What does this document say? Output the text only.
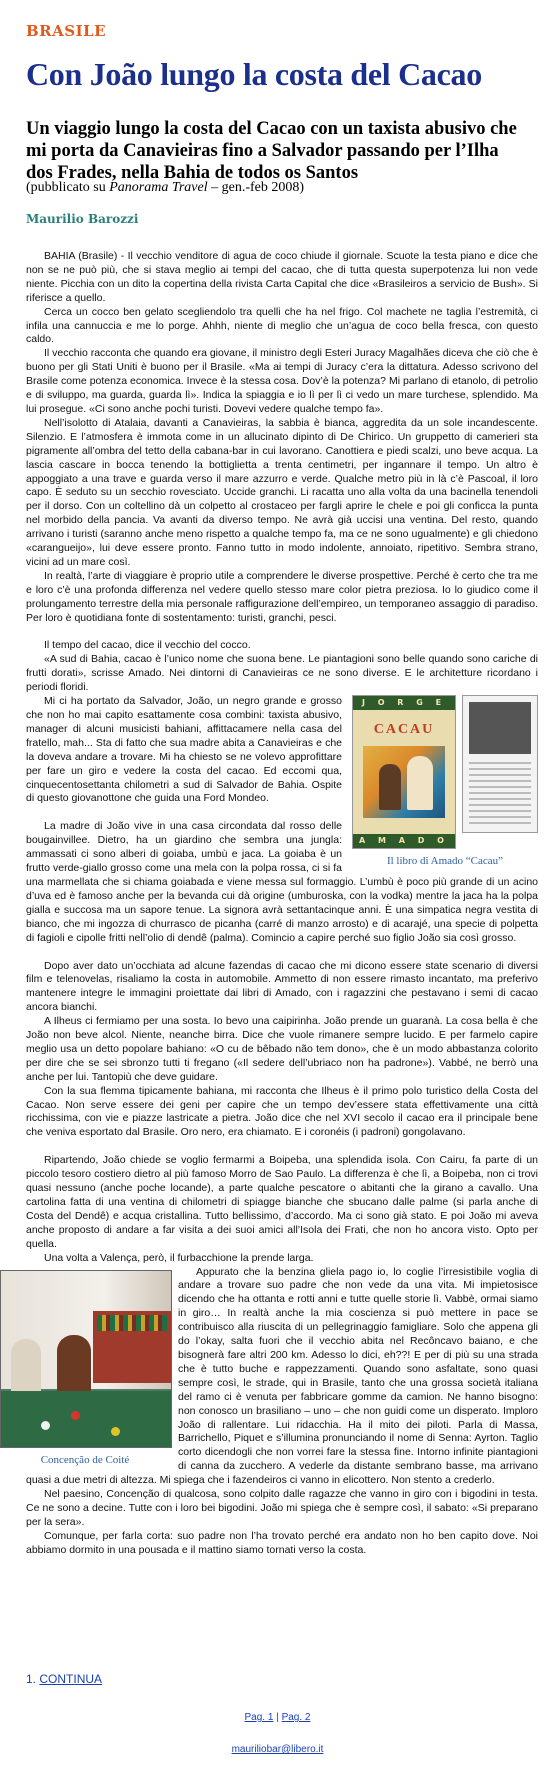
BRASILE
Con João lungo la costa del Cacao
Un viaggio lungo la costa del Cacao con un taxista abusivo che mi porta da Canavieiras fino a Salvador passando per l’Ilha dos Frades, nella Bahia de todos os Santos
(pubblicato su Panorama Travel – gen.-feb 2008)
Maurilio Barozzi

BAHIA (Brasile) - Il vecchio venditore di agua de coco chiude il giornale. Scuote la testa piano e dice che non se ne può più, che si stava meglio ai tempi del cacao, che di tutta questa superpotenza lui non vede niente. Picchia con un dito la copertina della rivista Carta Capital che dice «Brasileiros a servicio de Bush». Si riferisce a quello.

Cerca un cocco ben gelato scegliendolo tra quelli che ha nel frigo. Col machete ne taglia l’estremità, ci infila una cannuccia e me lo porge. Ahhh, niente di meglio che un’agua de coco bella fresca, con questo caldo.

Il vecchio racconta che quando era giovane, il ministro degli Esteri Juracy Magalhães diceva che ciò che è buono per gli Stati Uniti è buono per il Brasile. «Ma ai tempi di Juracy c’era la dittatura. Adesso scrivono del Brasile come potenza economica. Invece è la stessa cosa. Dov’è la potenza? Mi parlano di etanolo, di petrolio e di sviluppo, ma guarda, guarda lì». Indica la spiaggia e io lì per lì ci vedo un mare turchese, splendido. Ma lui prosegue. «Ci sono anche pochi turisti. Dovevi vedere qualche tempo fa».

Nell’isolotto di Atalaia, davanti a Canavieiras, la sabbia è bianca, aggredita da un sole incandescente. Silenzio. E l’atmosfera è immota come in un allucinato dipinto di De Chirico. Un gruppetto di camerieri sta pigramente all’ombra del tetto della cabana-bar in cui lavorano. Canottiera e piedi scalzi, uno beve acqua. La lascia cascare in bocca tenendo la bottiglietta a trenta centimetri, per ingannare il tempo. Un altro è appoggiato a una trave e guarda verso il mare azzurro e verde. Qualche metro più in là c’è Pascoal, il loro capo. È seduto su un secchio rovesciato. Uccide granchi. Li racatta uno alla volta da una bacinella tenendoli per il dorso. Con un coltellino dà un colpetto al crostaceo per fargli aprire le chele e poi gli conficca la punta nel morbido della pancia. Va avanti da diverso tempo. Ne avrà già uccisi una ventina. Del resto, quando arrivano i turisti (saranno anche meno rispetto a qualche tempo fa, ma ce ne sono ugualmente) e gli chiedono «carangueijo», lui deve essere pronto. Fanno tutto in modo indolente, annoiato, ripetitivo. Sembra strano, vicini ad un mare così.

In realtà, l’arte di viaggiare è proprio utile a comprendere le diverse prospettive. Perché è certo che tra me e loro c’è una profonda differenza nel vedere quello stesso mare color pietra preziosa. Io lo giudico come il prolungamento terrestre della mia personale raffigurazione dell’empireo, un temporaneo assaggio di paradiso. Per loro è quotidiana fonte di sostentamento: turisti, granchi, pesci.

Il tempo del cacao, dice il vecchio del cocco.

«A sud di Bahia, cacao è l’unico nome che suona bene. Le piantagioni sono belle quando sono cariche di frutti dorati», scrisse Amado. Nei dintorni di Canavieiras ce ne sono diverse. E le architetture ricordano i periodi floridi.

J O R G E
CACAU
A M A D O
Il libro di Amado “Cacau”

Mi ci ha portato da Salvador, João, un negro grande e grosso che non ho mai capito esattamente cosa combini: taxista abusivo, manager di alcuni musicisti bahiani, affittacamere nella casa del fratello, mah... Sta di fatto che sua madre abita a Canavieiras e che la doveva andare a trovare. Mi ha chiesto se ne volevo approfittare per fare un giro e vedere la costa del cacao. Ed eccomi qua, cinquecentosettanta chilometri a sud di Salvador de Bahia. Ospite di questo giovanottone che guida una Ford Mondeo.

La madre di João vive in una casa circondata dal rosso delle bougainvillee. Dietro, ha un giardino che sembra una jungla: ammassati ci sono alberi di goiaba, umbù e jaca. La goiaba è un frutto verde-giallo grosso come una mela con la polpa rossa, ci si fa una marmellata che si chiama goiabada e viene messa sul formaggio. L’umbù è poco più grande di un acino d’uva ed è famoso anche per la bevanda cui dà origine (umburoska, con la vodka) mentre la jaca ha la polpa gialla e succosa ma un sapore tenue. La signora avrà settantacinque anni. È una simpatica negra vestita di bianco, che mi ingozza di churrasco de picanha (carré di manzo arrosto) e di acarajé, una specie di polpetta di fagioli e cipolle fritti nell’olio di dendê (palma). Comincio a capire perché suo figlio João sia così grosso.

Dopo aver dato un’occhiata ad alcune fazendas di cacao che mi dicono essere state scenario di diversi film e telenovelas, risaliamo la costa in automobile. Ammetto di non essere rimasto incantato, ma preferivo mantenere integre le immagini proiettate dai libri di Amado, con i ragazzini che pestavano i semi di cacao ancora bianchi.

A Ilheus ci fermiamo per una sosta. Io bevo una caipirinha. João prende un guaranà. La cosa bella è che João non beve alcol. Niente, neanche birra. Dice che vuole rimanere sempre lucido. E per farmelo capire meglio usa un detto popolare bahiano: «O cu de bêbado não tem dono», che è un modo abbastanza colorito per dire che se sei sbronzo tutti ti fregano («Il sedere dell’ubriaco non ha padrone»). Vabbé, ne berrò una anche per lui. Tantopiù che deve guidare.

Con la sua flemma tipicamente bahiana, mi racconta che Ilheus è il primo polo turistico della Costa del Cacao. Non serve essere dei geni per capire che un tempo dev’essere stata effettivamente una città ricchissima, con vie e piazze lastricate a pietra. João dice che nel XVI secolo il cacao era il principale bene che veniva esportato dal Brasile. Oro nero, era chiamato. E i coronéis (i padroni) gongolavano.

Ripartendo, João chiede se voglio fermarmi a Boipeba, una splendida isola. Con Cairu, fa parte di un piccolo tesoro costiero dietro al più famoso Morro de Sao Paulo. La differenza è che lì, a Boipeba, non ci trovi quasi nessuno (anche poche locande), a parte qualche pescatore o abitanti che la girano a cavallo. Una cartolina fatta di una ventina di chilometri di spiagge bianche che sbucano dalle palme (si parla anche di Costa del Dendê) e acqua cristallina. Tutto bellissimo, d’accordo. Ma ci sono già stato. E poi João mi aveva anche proposto di andare a far visita a dei suoi amici all’Isola dei Frati, che non ho ancora visto. Opto per quella.

Una volta a Valença, però, il furbacchione la prende larga.

Concenção de Coité

Appurato che la benzina gliela pago io, lo coglie l’irresistibile voglia di andare a trovare suo padre che non vede da una vita. Mi impietosisce dicendo che ha ottanta e rotti anni e tutte quelle storie lì. Vabbè, ormai siamo in giro… In realtà anche la mia coscienza si può mettere in pace se contribuisco alla riuscita di un pellegrinaggio famigliare. Solo che appena gli do l’okay, salta fuori che il vecchio abita nel Recôncavo baiano, e che bisognerà fare altri 200 km. Adesso lo dici, eh??! E per di più su una strada che è tutto buche e rappezzamenti. Quando sono asfaltate, sono quasi sempre così, le strade, qui in Brasile, tanto che una grossa società italiana del ramo ci è venuta per fabbricare gomme da camion. Ne hanno bisogno: non conosco un brasiliano – uno – che non guidi come un disperato. Imploro João di rallentare. Lui ridacchia. Ha il mito dei piloti. Parla di Massa, Barrichello, Piquet e s’illumina pronunciando il nome di Senna: Ayrton. Taglio corto dicendogli che non vorrei fare la stessa fine. Intorno infinite piantagioni di canna da zucchero. A vederle da distante sembrano basse, ma arrivano quasi a due metri di altezza. Mi spiega che i fazendeiros ci vanno in elicottero. Non stento a crederlo.

Nel paesino, Concenção di qualcosa, sono colpito dalle ragazze che vanno in giro con i bigodini in testa. Ce ne sono a decine. Tutte con i loro bei bigodini. João mi spiega che è sempre così, il sabato: «Si preparano per la sera».

Comunque, per farla corta: suo padre non l’ha trovato perché era andato non ho ben capito dove. Noi abbiamo dormito in una pousada e il mattino siamo tornati verso la costa.

1. CONTINUA
Pag. 1 | Pag. 2
mauriliobar@libero.it
